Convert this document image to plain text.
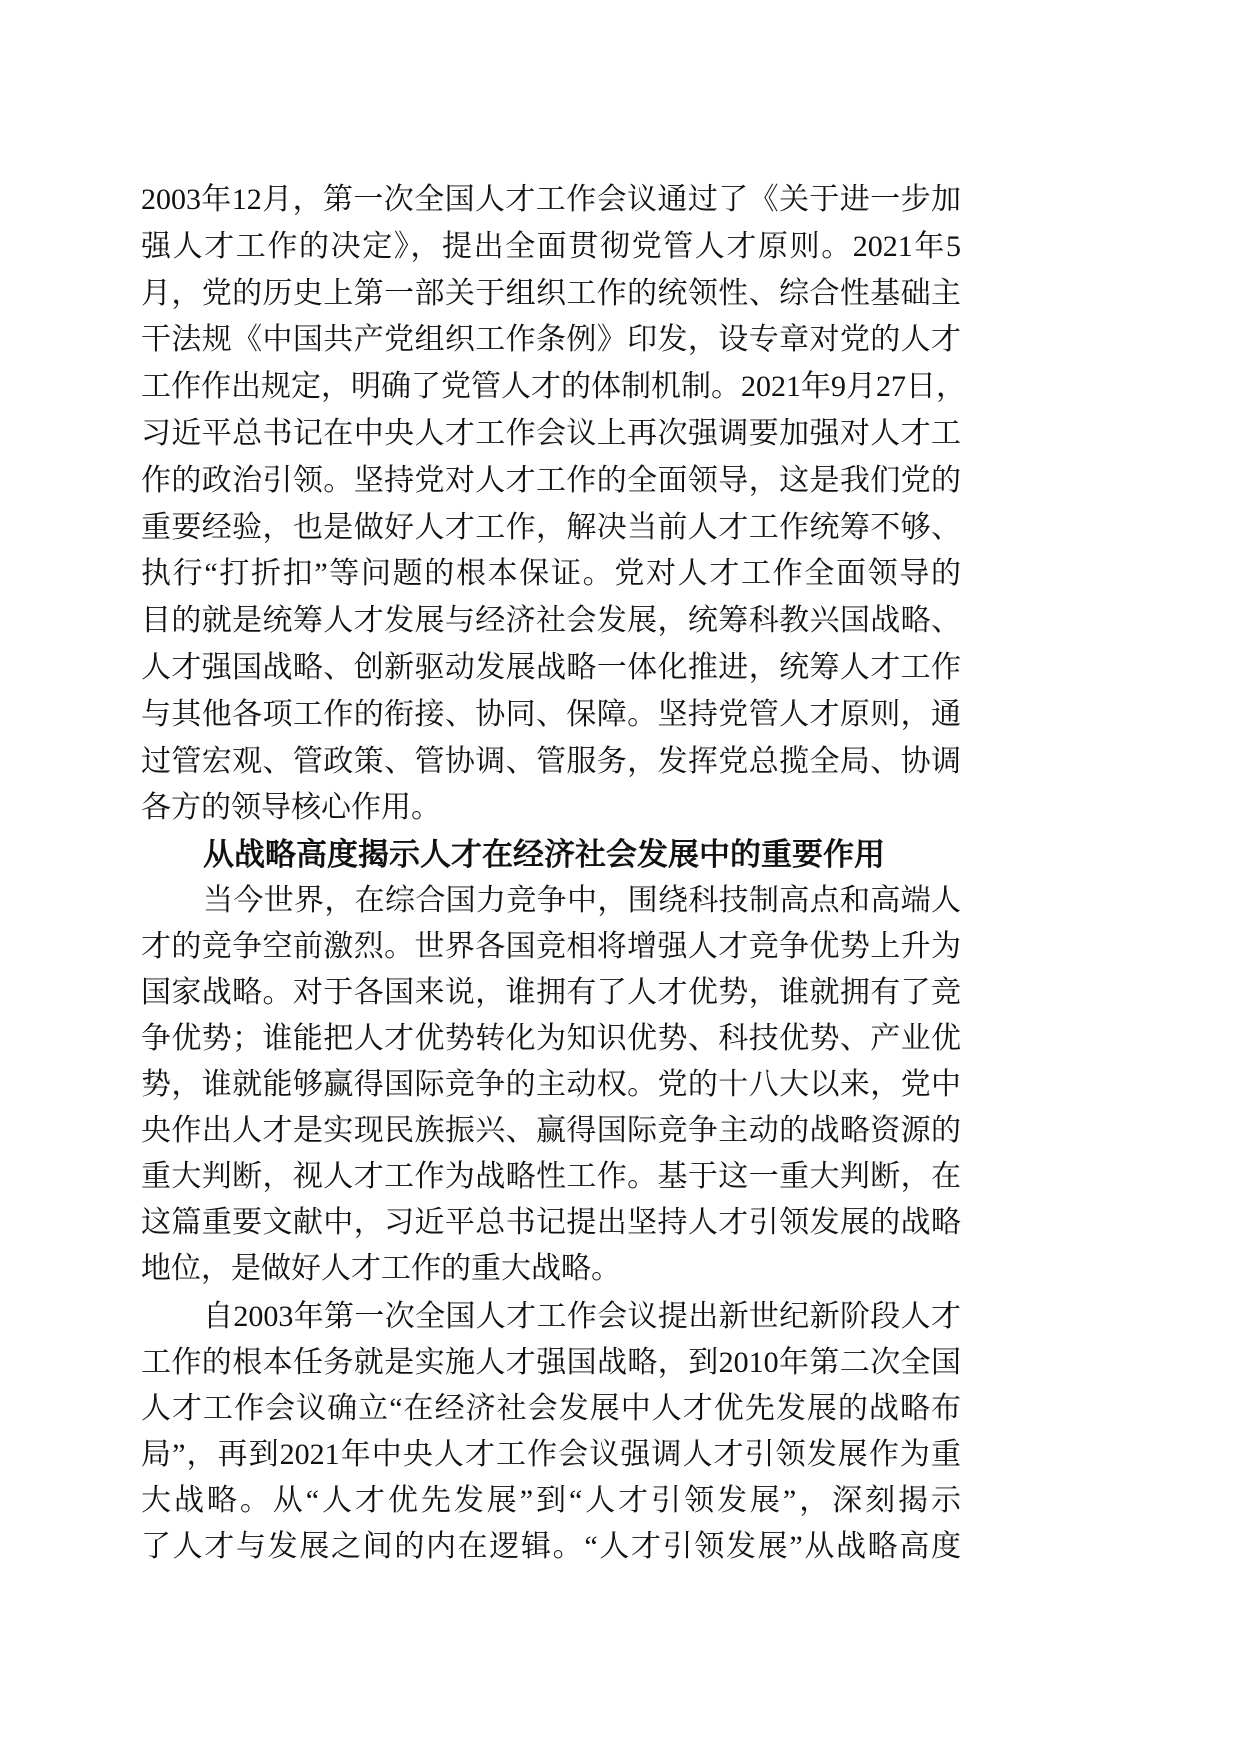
2003年12月，第一次全国人才工作会议通过了《关于进一步加
强人才工作的决定》，提出全面贯彻党管人才原则。2021年5
月，党的历史上第一部关于组织工作的统领性、综合性基础主
干法规《中国共产党组织工作条例》印发，设专章对党的人才
工作作出规定，明确了党管人才的体制机制。2021年9月27日，
习近平总书记在中央人才工作会议上再次强调要加强对人才工
作的政治引领。坚持党对人才工作的全面领导，这是我们党的
重要经验，也是做好人才工作，解决当前人才工作统筹不够、
执行“打折扣”等问题的根本保证。党对人才工作全面领导的
目的就是统筹人才发展与经济社会发展，统筹科教兴国战略、
人才强国战略、创新驱动发展战略一体化推进，统筹人才工作
与其他各项工作的衔接、协同、保障。坚持党管人才原则，通
过管宏观、管政策、管协调、管服务，发挥党总揽全局、协调
各方的领导核心作用。
从战略高度揭示人才在经济社会发展中的重要作用
当今世界，在综合国力竞争中，围绕科技制高点和高端人
才的竞争空前激烈。世界各国竞相将增强人才竞争优势上升为
国家战略。对于各国来说，谁拥有了人才优势，谁就拥有了竞
争优势；谁能把人才优势转化为知识优势、科技优势、产业优
势，谁就能够赢得国际竞争的主动权。党的十八大以来，党中
央作出人才是实现民族振兴、赢得国际竞争主动的战略资源的
重大判断，视人才工作为战略性工作。基于这一重大判断，在
这篇重要文献中，习近平总书记提出坚持人才引领发展的战略
地位，是做好人才工作的重大战略。
自2003年第一次全国人才工作会议提出新世纪新阶段人才
工作的根本任务就是实施人才强国战略，到2010年第二次全国
人才工作会议确立“在经济社会发展中人才优先发展的战略布
局”，再到2021年中央人才工作会议强调人才引领发展作为重
大战略。从“人才优先发展”到“人才引领发展”，深刻揭示
了人才与发展之间的内在逻辑。“人才引领发展”从战略高度
